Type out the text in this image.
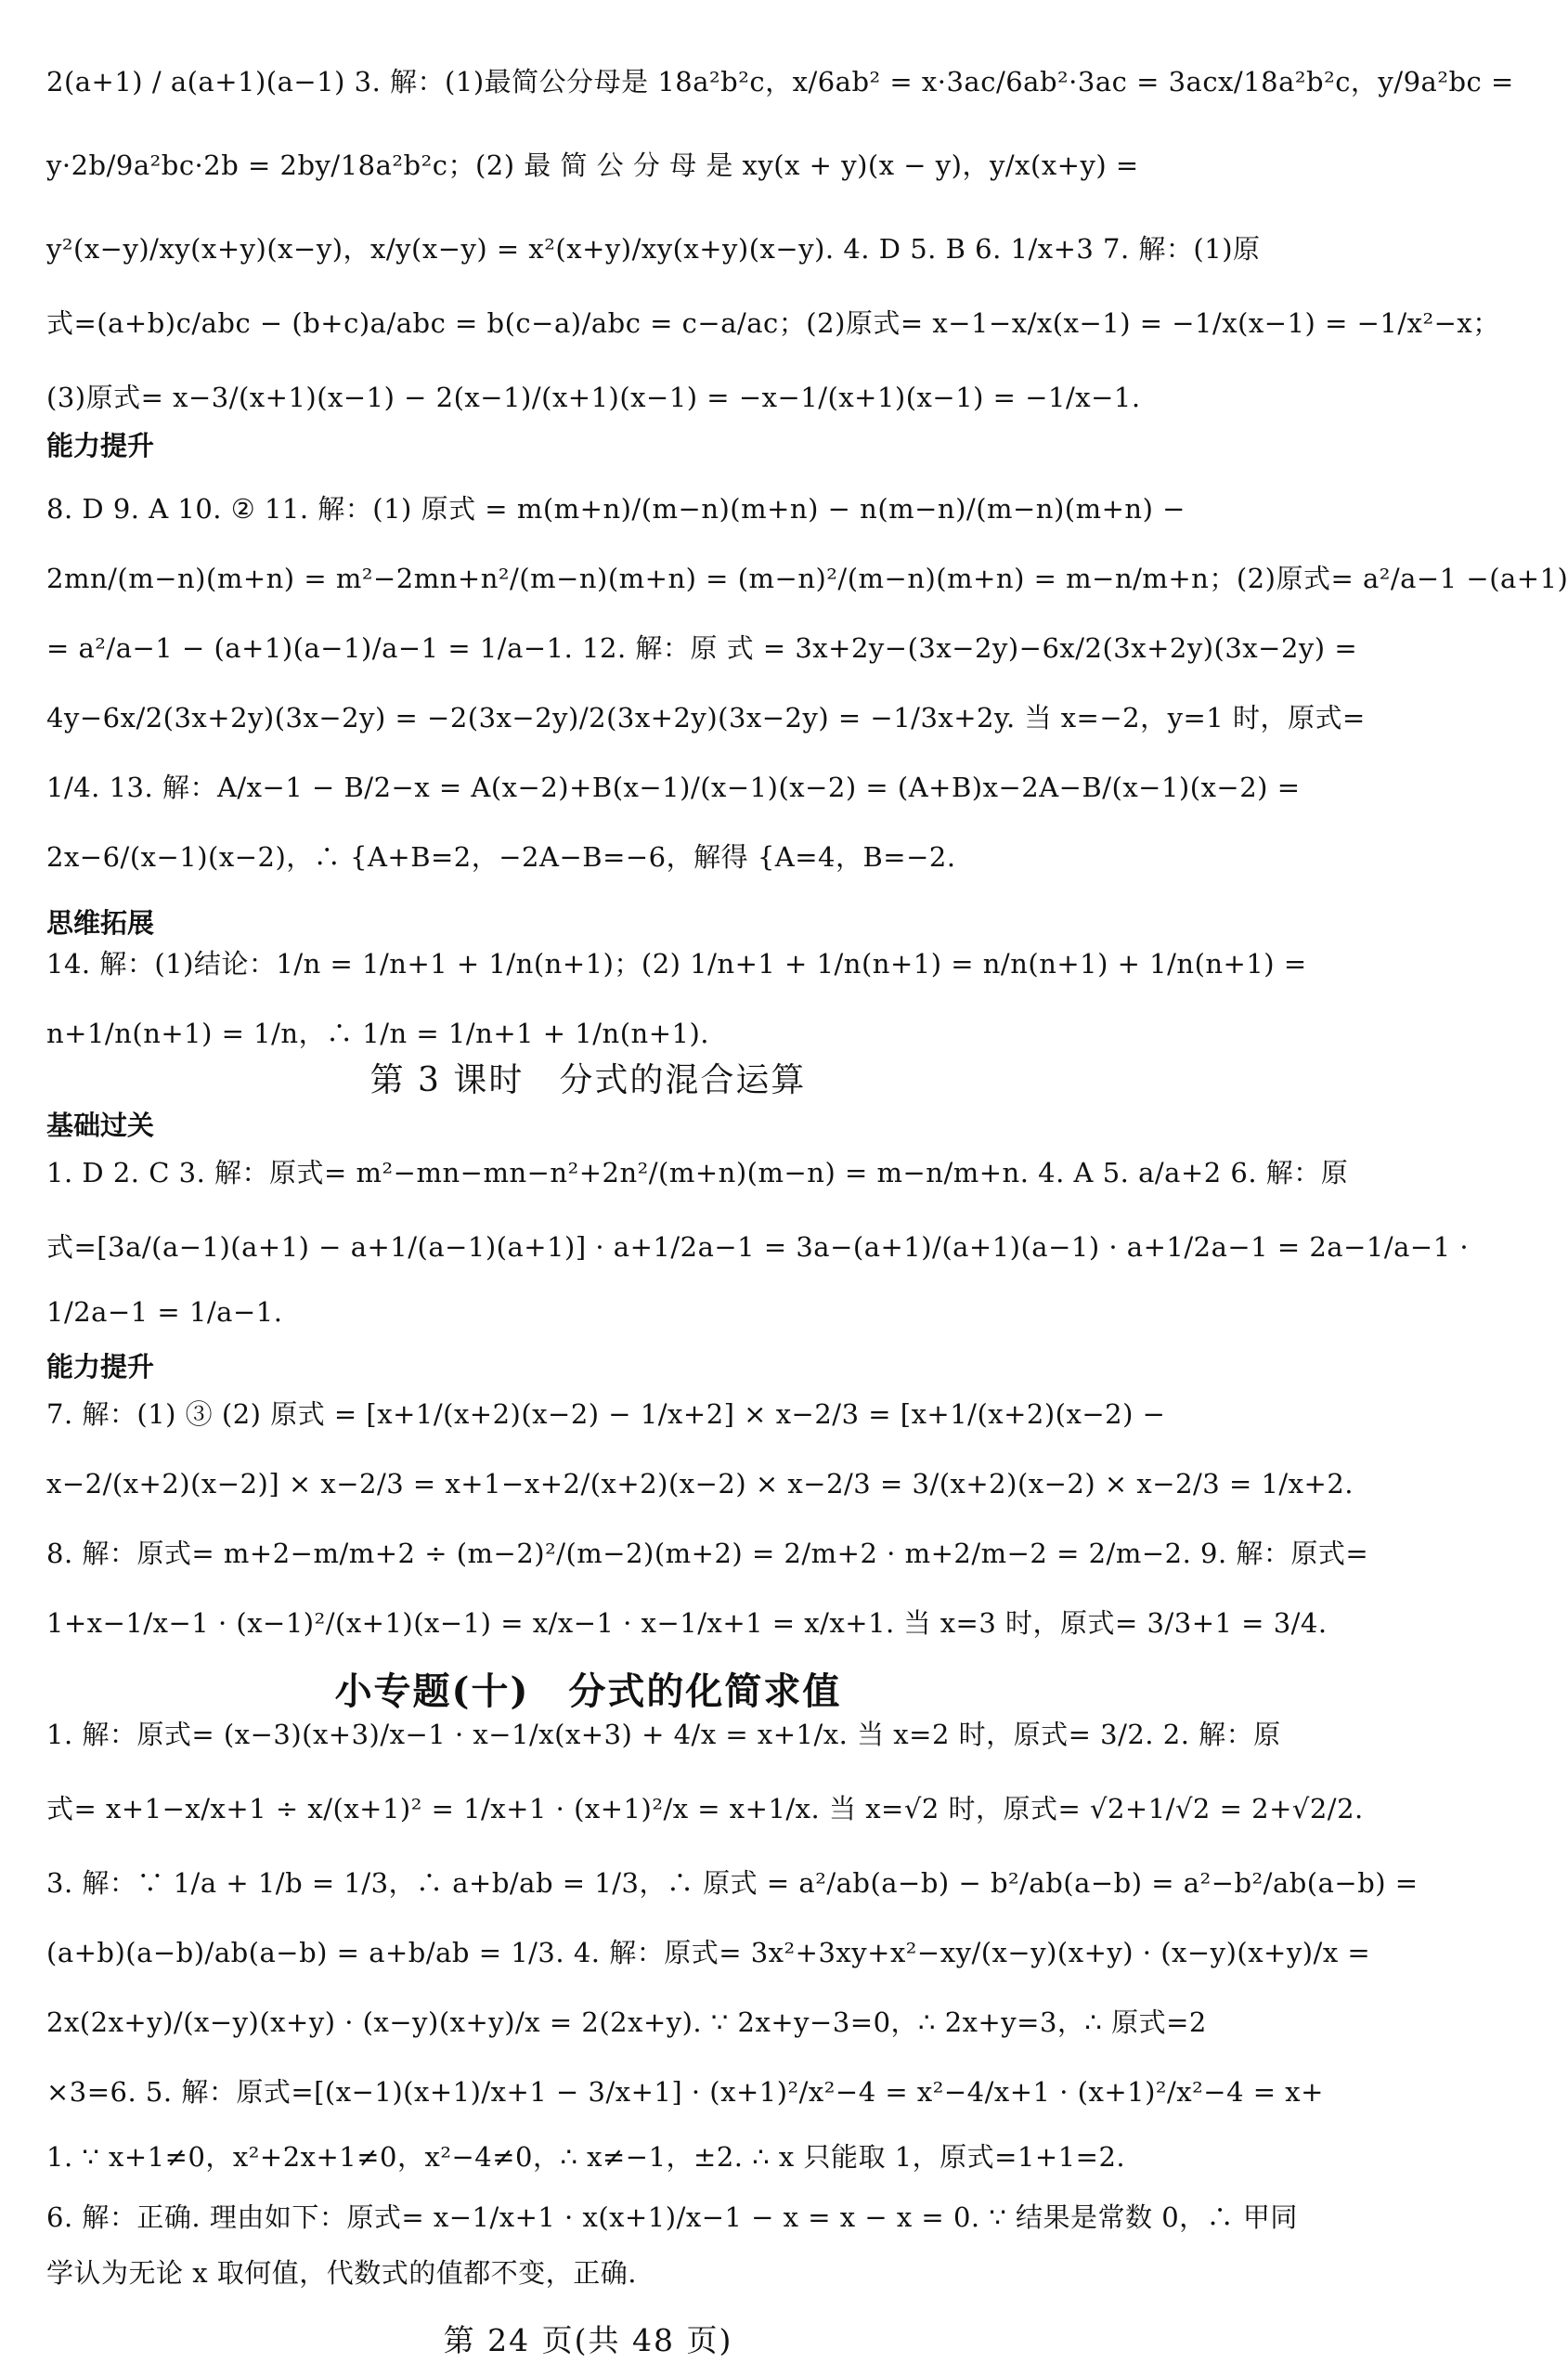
2(a+1) / a(a+1)(a−1) 3. 解：(1)最简公分母是 18a²b²c，x/6ab² = x·3ac/6ab²·3ac = 3acx/18a²b²c，y/9a²bc =
y·2b/9a²bc·2b = 2by/18a²b²c；(2) 最 简 公 分 母 是 xy(x + y)(x − y)，y/x(x+y) =
y²(x−y)/xy(x+y)(x−y)，x/y(x−y) = x²(x+y)/xy(x+y)(x−y). 4. D 5. B 6. 1/x+3 7. 解：(1)原
式=(a+b)c/abc − (b+c)a/abc = b(c−a)/abc = c−a/ac；(2)原式= x−1−x/x(x−1) = −1/x(x−1) = −1/x²−x；
(3)原式= x−3/(x+1)(x−1) − 2(x−1)/(x+1)(x−1) = −x−1/(x+1)(x−1) = −1/x−1.
8. D 9. A 10. ② 11. 解：(1) 原式 = m(m+n)/(m−n)(m+n) − n(m−n)/(m−n)(m+n) −
2mn/(m−n)(m+n) = m²−2mn+n²/(m−n)(m+n) = (m−n)²/(m−n)(m+n) = m−n/m+n；(2)原式= a²/a−1 −(a+1)
= a²/a−1 − (a+1)(a−1)/a−1 = 1/a−1. 12. 解：原 式 = 3x+2y−(3x−2y)−6x/2(3x+2y)(3x−2y) =
4y−6x/2(3x+2y)(3x−2y) = −2(3x−2y)/2(3x+2y)(3x−2y) = −1/3x+2y. 当 x=−2，y=1 时，原式=
1/4. 13. 解：A/x−1 − B/2−x = A(x−2)+B(x−1)/(x−1)(x−2) = (A+B)x−2A−B/(x−1)(x−2) =
2x−6/(x−1)(x−2)，∴ {A+B=2，−2A−B=−6，解得 {A=4，B=−2.
14. 解：(1)结论：1/n = 1/n+1 + 1/n(n+1)；(2) 1/n+1 + 1/n(n+1) = n/n(n+1) + 1/n(n+1) =
n+1/n(n+1) = 1/n，∴ 1/n = 1/n+1 + 1/n(n+1).
1. D 2. C 3. 解：原式= m²−mn−mn−n²+2n²/(m+n)(m−n) = m−n/m+n. 4. A 5. a/a+2 6. 解：原
式=[3a/(a−1)(a+1) − a+1/(a−1)(a+1)] · a+1/2a−1 = 3a−(a+1)/(a+1)(a−1) · a+1/2a−1 = 2a−1/a−1 ·
1/2a−1 = 1/a−1.
7. 解：(1) ③ (2) 原式 = [x+1/(x+2)(x−2) − 1/x+2] × x−2/3 = [x+1/(x+2)(x−2) −
x−2/(x+2)(x−2)] × x−2/3 = x+1−x+2/(x+2)(x−2) × x−2/3 = 3/(x+2)(x−2) × x−2/3 = 1/x+2.
8. 解：原式= m+2−m/m+2 ÷ (m−2)²/(m−2)(m+2) = 2/m+2 · m+2/m−2 = 2/m−2. 9. 解：原式=
1+x−1/x−1 · (x−1)²/(x+1)(x−1) = x/x−1 · x−1/x+1 = x/x+1. 当 x=3 时，原式= 3/3+1 = 3/4.
1. 解：原式= (x−3)(x+3)/x−1 · x−1/x(x+3) + 4/x = x+1/x. 当 x=2 时，原式= 3/2. 2. 解：原
式= x+1−x/x+1 ÷ x/(x+1)² = 1/x+1 · (x+1)²/x = x+1/x. 当 x=√2 时，原式= √2+1/√2 = 2+√2/2.
3. 解：∵ 1/a + 1/b = 1/3，∴ a+b/ab = 1/3，∴ 原式 = a²/ab(a−b) − b²/ab(a−b) = a²−b²/ab(a−b) =
(a+b)(a−b)/ab(a−b) = a+b/ab = 1/3. 4. 解：原式= 3x²+3xy+x²−xy/(x−y)(x+y) · (x−y)(x+y)/x =
2x(2x+y)/(x−y)(x+y) · (x−y)(x+y)/x = 2(2x+y). ∵ 2x+y−3=0，∴ 2x+y=3，∴ 原式=2
×3=6. 5. 解：原式=[(x−1)(x+1)/x+1 − 3/x+1] · (x+1)²/x²−4 = x²−4/x+1 · (x+1)²/x²−4 = x+
1. ∵ x+1≠0，x²+2x+1≠0，x²−4≠0，∴ x≠−1，±2. ∴ x 只能取 1，原式=1+1=2.
6. 解：正确. 理由如下：原式= x−1/x+1 · x(x+1)/x−1 − x = x − x = 0. ∵ 结果是常数 0，∴ 甲同
学认为无论 x 取何值，代数式的值都不变，正确.
能力提升
思维拓展
基础过关
能力提升
第 3 课时　分式的混合运算
小专题(十)　分式的化简求值
第 24 页(共 48 页)
